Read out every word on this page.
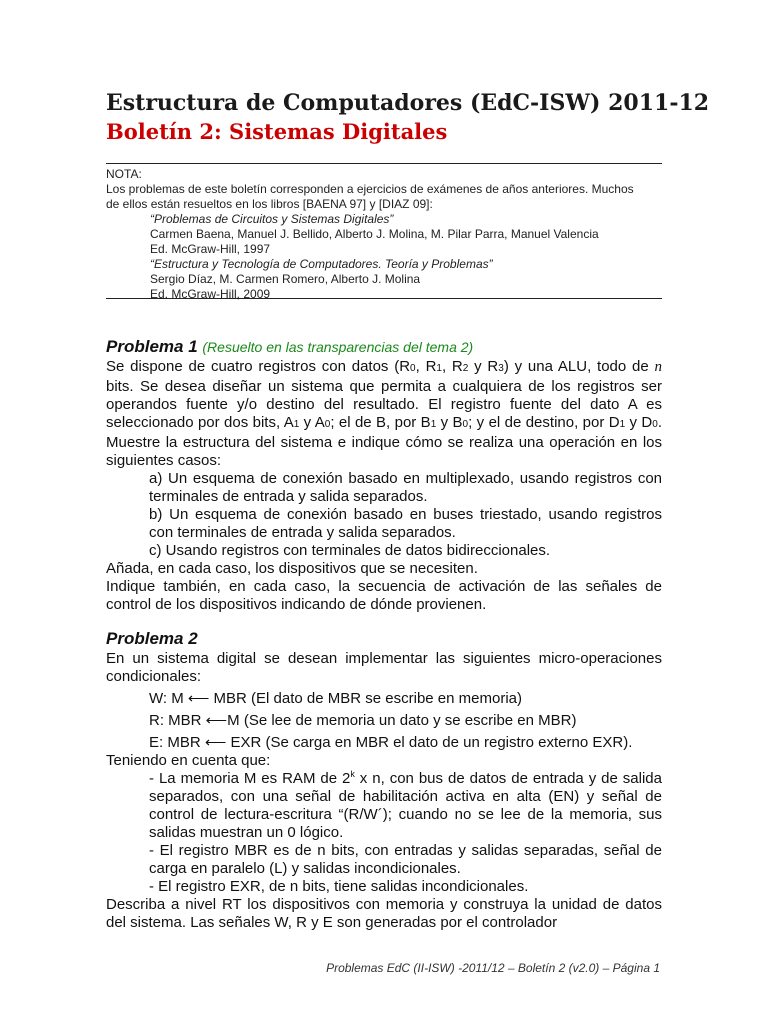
Estructura de Computadores (EdC-ISW) 2011-12
Boletín 2: Sistemas Digitales
NOTA:
Los problemas de este boletín corresponden a ejercicios de exámenes de años anteriores. Muchos
de ellos están resueltos en los libros [BAENA 97] y [DIAZ 09]:
“Problemas de Circuitos y Sistemas Digitales”
Carmen Baena, Manuel J. Bellido, Alberto J. Molina, M. Pilar Parra, Manuel Valencia
Ed. McGraw-Hill, 1997
“Estructura y Tecnología de Computadores. Teoría y Problemas”
Sergio Díaz, M. Carmen Romero, Alberto J. Molina
Ed. McGraw-Hill, 2009
Problema 1 (Resuelto en las transparencias del tema 2)

Se dispone de cuatro registros con datos (R0, R1, R2 y R3) y una ALU, todo de n bits. Se desea diseñar un sistema que permita a cualquiera de los registros ser operandos fuente y/o destino del resultado. El registro fuente del dato A es seleccionado por dos bits, A1 y A0; el de B, por B1 y B0; y el de destino, por D1 y D0. Muestre la estructura del sistema e indique cómo se realiza una operación en los siguientes casos:

a) Un esquema de conexión basado en multiplexado, usando registros con terminales de entrada y salida separados.

b) Un esquema de conexión basado en buses triestado, usando registros con terminales de entrada y salida separados.

c) Usando registros con terminales de datos bidireccionales.

Añada, en cada caso, los dispositivos que se necesiten.

Indique también, en cada caso, la secuencia de activación de las señales de control de los dispositivos indicando de dónde provienen.

Problema 2

En un sistema digital se desean implementar las siguientes micro-operaciones condicionales:

W: M ⟵ MBR (El dato de MBR se escribe en memoria)

R: MBR ⟵M (Se lee de memoria un dato y se escribe en MBR)

E: MBR ⟵ EXR (Se carga en MBR el dato de un registro externo EXR).

Teniendo en cuenta que:

- La memoria M es RAM de 2$^k$ x n, con bus de datos de entrada y de salida separados, con una señal de habilitación activa en alta (EN) y señal de control de lectura-escritura “(R/W´); cuando no se lee de la memoria, sus salidas muestran un 0 lógico.

- El registro MBR es de n bits, con entradas y salidas separadas, señal de carga en paralelo (L) y salidas incondicionales.

- El registro EXR, de n bits, tiene salidas incondicionales.

Describa a nivel RT los dispositivos con memoria y construya la unidad de datos del sistema. Las señales W, R y E son generadas por el controlador

Problemas EdC (II-ISW) -2011/12 – Boletín 2 (v2.0) – Página 1
